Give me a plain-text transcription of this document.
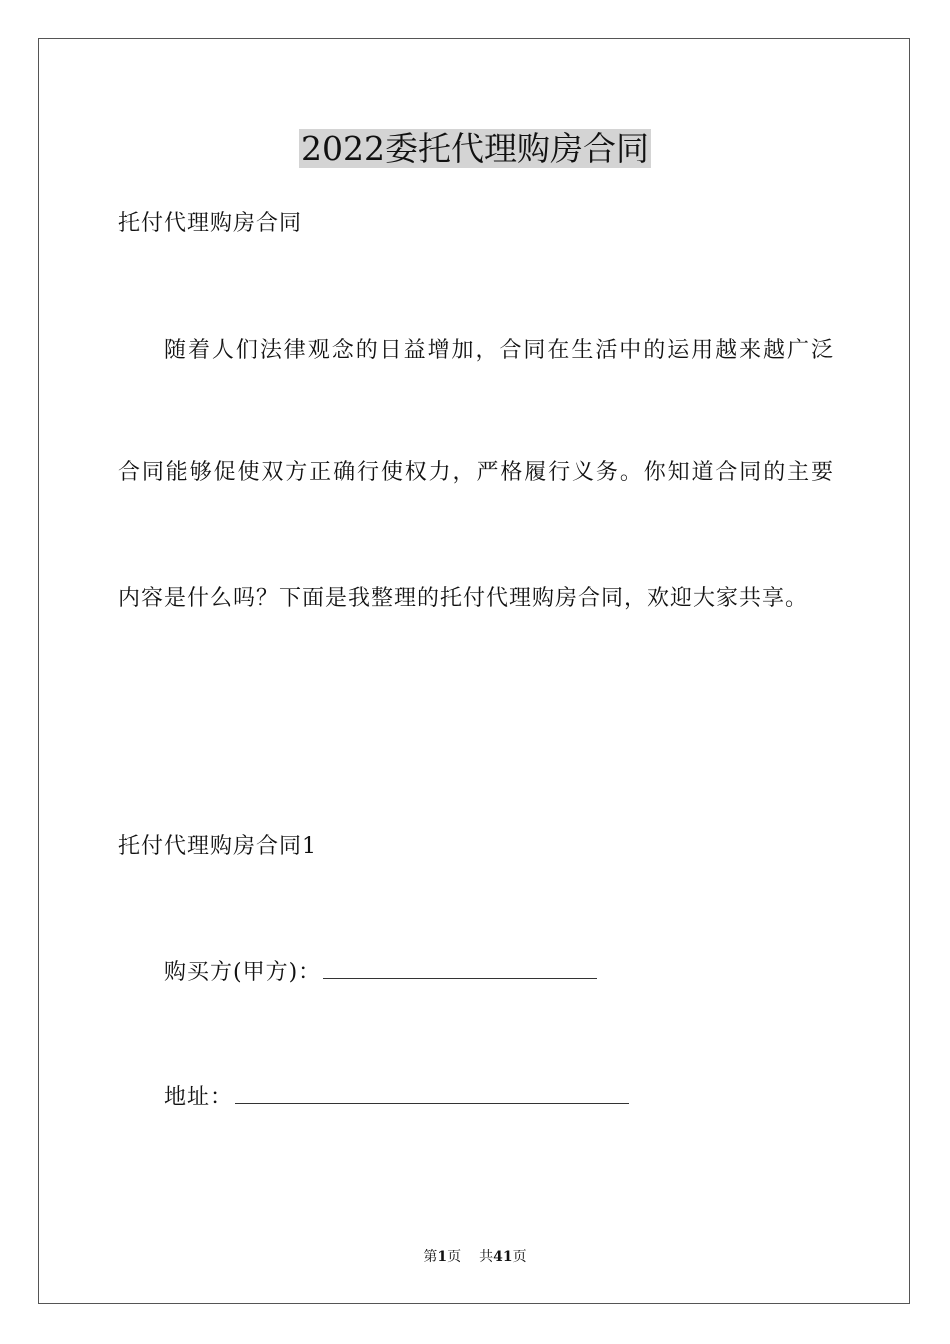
2022委托代理购房合同
托付代理购房合同
随着人们法律观念的日益增加，合同在生活中的运用越来越广泛
合同能够促使双方正确行使权力，严格履行义务。你知道合同的主要
内容是什么吗？下面是我整理的托付代理购房合同，欢迎大家共享。
托付代理购房合同1
购买方(甲方)：
地址：
第1页 共41页
